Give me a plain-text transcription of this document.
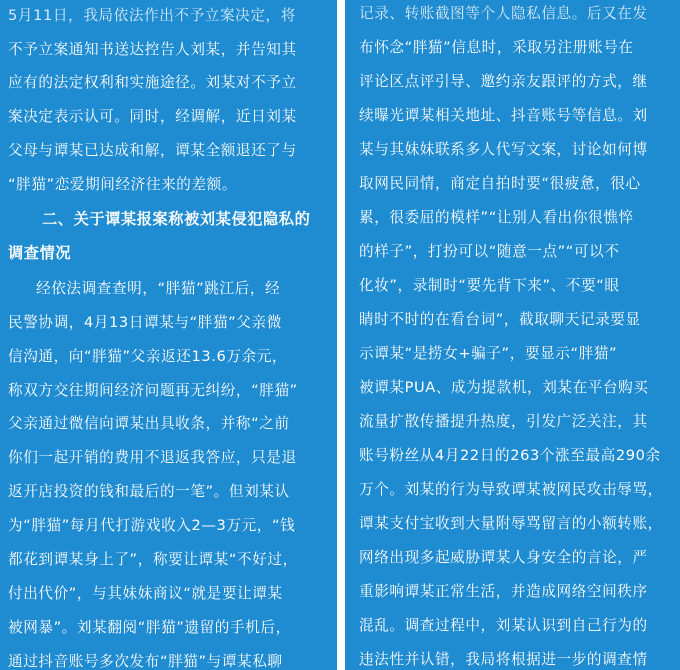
5月11日，我局依法作出不予立案决定，将
不予立案通知书送达控告人刘某，并告知其
应有的法定权利和实施途径。刘某对不予立
案决定表示认可。同时，经调解，近日刘某
父母与谭某已达成和解，谭某全额退还了与
“胖猫”恋爱期间经济往来的差额。
二、关于谭某报案称被刘某侵犯隐私的
调查情况
经依法调查查明，“胖猫”跳江后，经
民警协调，4月13日谭某与“胖猫”父亲微
信沟通，向“胖猫”父亲返还13.6万余元，
称双方交往期间经济问题再无纠纷，“胖猫”
父亲通过微信向谭某出具收条，并称“之前
你们一起开销的费用不退返我答应，只是退
返开店投资的钱和最后的一笔”。但刘某认
为“胖猫”每月代打游戏收入2—3万元，“钱
都花到谭某身上了”，称要让谭某“不好过，
付出代价”，与其妹妹商议“就是要让谭某
被网暴”。刘某翻阅“胖猫”遗留的手机后，
通过抖音账号多次发布“胖猫”与谭某私聊
记录、转账截图等个人隐私信息。后又在发
布怀念“胖猫”信息时，采取另注册账号在
评论区点评引导、邀约亲友跟评的方式，继
续曝光谭某相关地址、抖音账号等信息。刘
某与其妹妹联系多人代写文案，讨论如何博
取网民同情，商定自拍时要“很疲惫，很心
累，很委屈的模样”“让别人看出你很憔悴
的样子”，打扮可以“随意一点”“可以不
化妆”，录制时“要先背下来”、不要“眼
睛时不时的在看台词”，截取聊天记录要显
示谭某“是捞女+骗子”，要显示“胖猫”
被谭某PUA、成为提款机，刘某在平台购买
流量扩散传播提升热度，引发广泛关注，其
账号粉丝从4月22日的263个涨至最高290余
万个。刘某的行为导致谭某被网民攻击辱骂，
谭某支付宝收到大量附辱骂留言的小额转账，
网络出现多起威胁谭某人身安全的言论，严
重影响谭某正常生活，并造成网络空间秩序
混乱。调查过程中，刘某认识到自己行为的
违法性并认错，我局将根据进一步的调查情
